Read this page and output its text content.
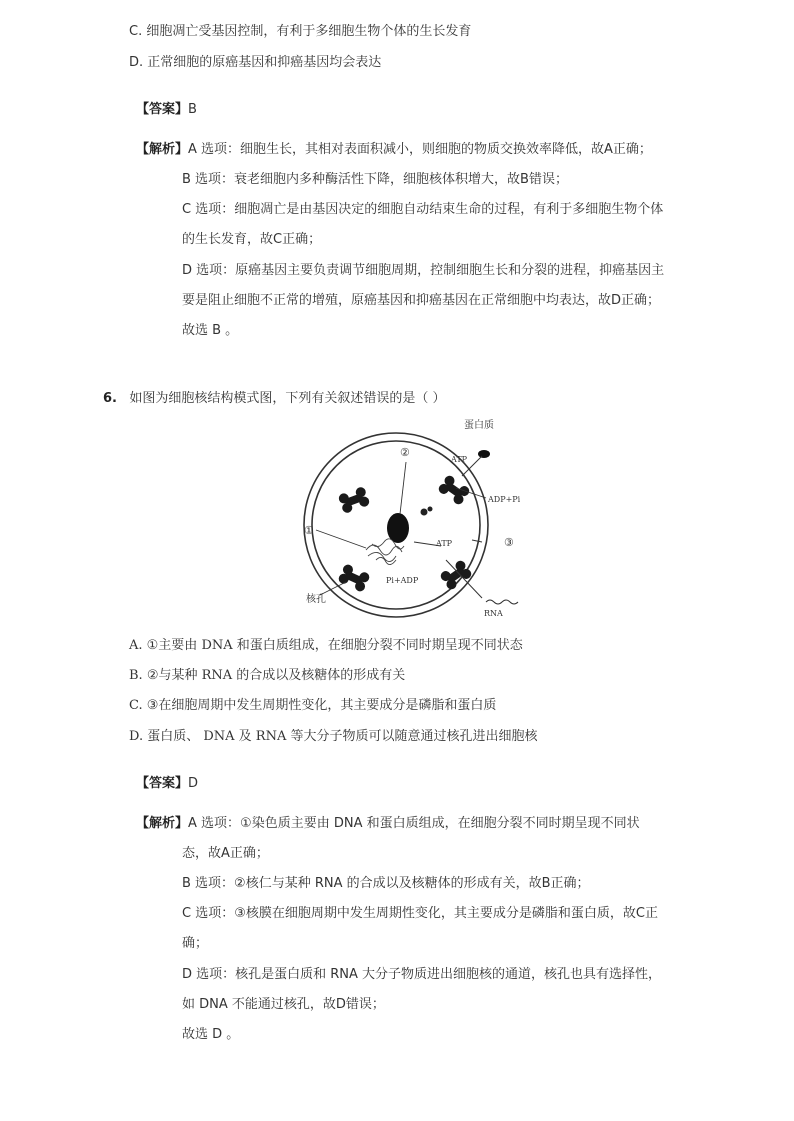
C. 细胞凋亡受基因控制，有利于多细胞生物个体的生长发育
D. 正常细胞的原癌基因和抑癌基因均会表达
【答案】B
【解析】A 选项：细胞生长，其相对表面积减小，则细胞的物质交换效率降低，故A正确；
B 选项：衰老细胞内多种酶活性下降，细胞核体积增大，故B错误；
C 选项：细胞凋亡是由基因决定的细胞自动结束生命的过程，有利于多细胞生物个体
的生长发育，故C正确；
D 选项：原癌基因主要负责调节细胞周期，控制细胞生长和分裂的进程，抑癌基因主
要是阻止细胞不正常的增殖，原癌基因和抑癌基因在正常细胞中均表达，故D正确；
故选 B 。
6. 如图为细胞核结构模式图，下列有关叙述错误的是（ ）
蛋白质
ATP
ADP+Pi
②
①
③
ATP
Pi+ADP
核孔
RNA
A. ①主要由 DNA 和蛋白质组成，在细胞分裂不同时期呈现不同状态
B. ②与某种 RNA 的合成以及核糖体的形成有关
C. ③在细胞周期中发生周期性变化，其主要成分是磷脂和蛋白质
D. 蛋白质、 DNA 及 RNA 等大分子物质可以随意通过核孔进出细胞核
【答案】D
【解析】A 选项：①染色质主要由 DNA 和蛋白质组成，在细胞分裂不同时期呈现不同状
态，故A正确；
B 选项：②核仁与某种 RNA 的合成以及核糖体的形成有关，故B正确；
C 选项：③核膜在细胞周期中发生周期性变化，其主要成分是磷脂和蛋白质，故C正
确；
D 选项：核孔是蛋白质和 RNA 大分子物质进出细胞核的通道，核孔也具有选择性，
如 DNA 不能通过核孔，故D错误；
故选 D 。
